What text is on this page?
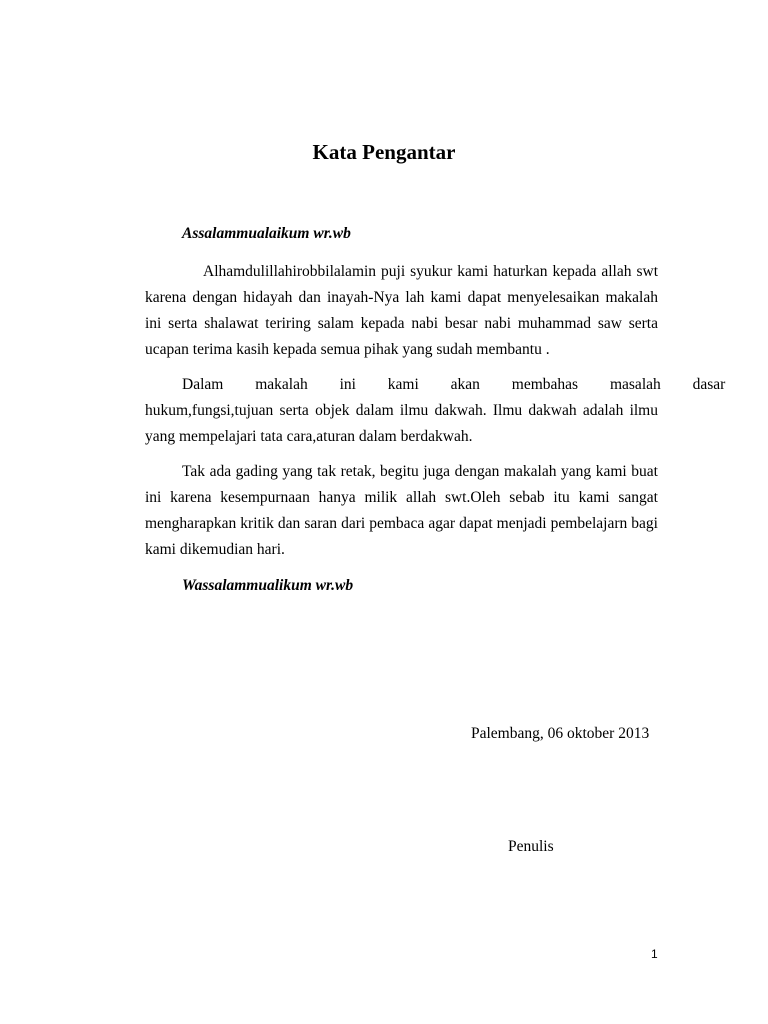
Kata Pengantar
Assalammualaikum wr.wb
Alhamdulillahirobbilalamin puji syukur kami haturkan kepada allah swt
karena dengan hidayah dan inayah-Nya lah kami dapat menyelesaikan makalah
ini serta shalawat teriring salam kepada nabi besar nabi muhammad saw serta
ucapan terima kasih kepada semua pihak yang sudah membantu .
Dalam makalah ini kami akan membahas masalah dasar
hukum,fungsi,tujuan serta objek dalam ilmu dakwah. Ilmu dakwah adalah ilmu
yang mempelajari tata cara,aturan dalam berdakwah.
Tak ada gading yang tak retak, begitu juga dengan makalah yang kami buat
ini karena kesempurnaan hanya milik allah swt.Oleh sebab itu kami sangat
mengharapkan kritik dan saran dari pembaca agar dapat menjadi pembelajarn bagi
kami dikemudian hari.
Wassalammualikum wr.wb
Palembang, 06 oktober 2013
Penulis
1
